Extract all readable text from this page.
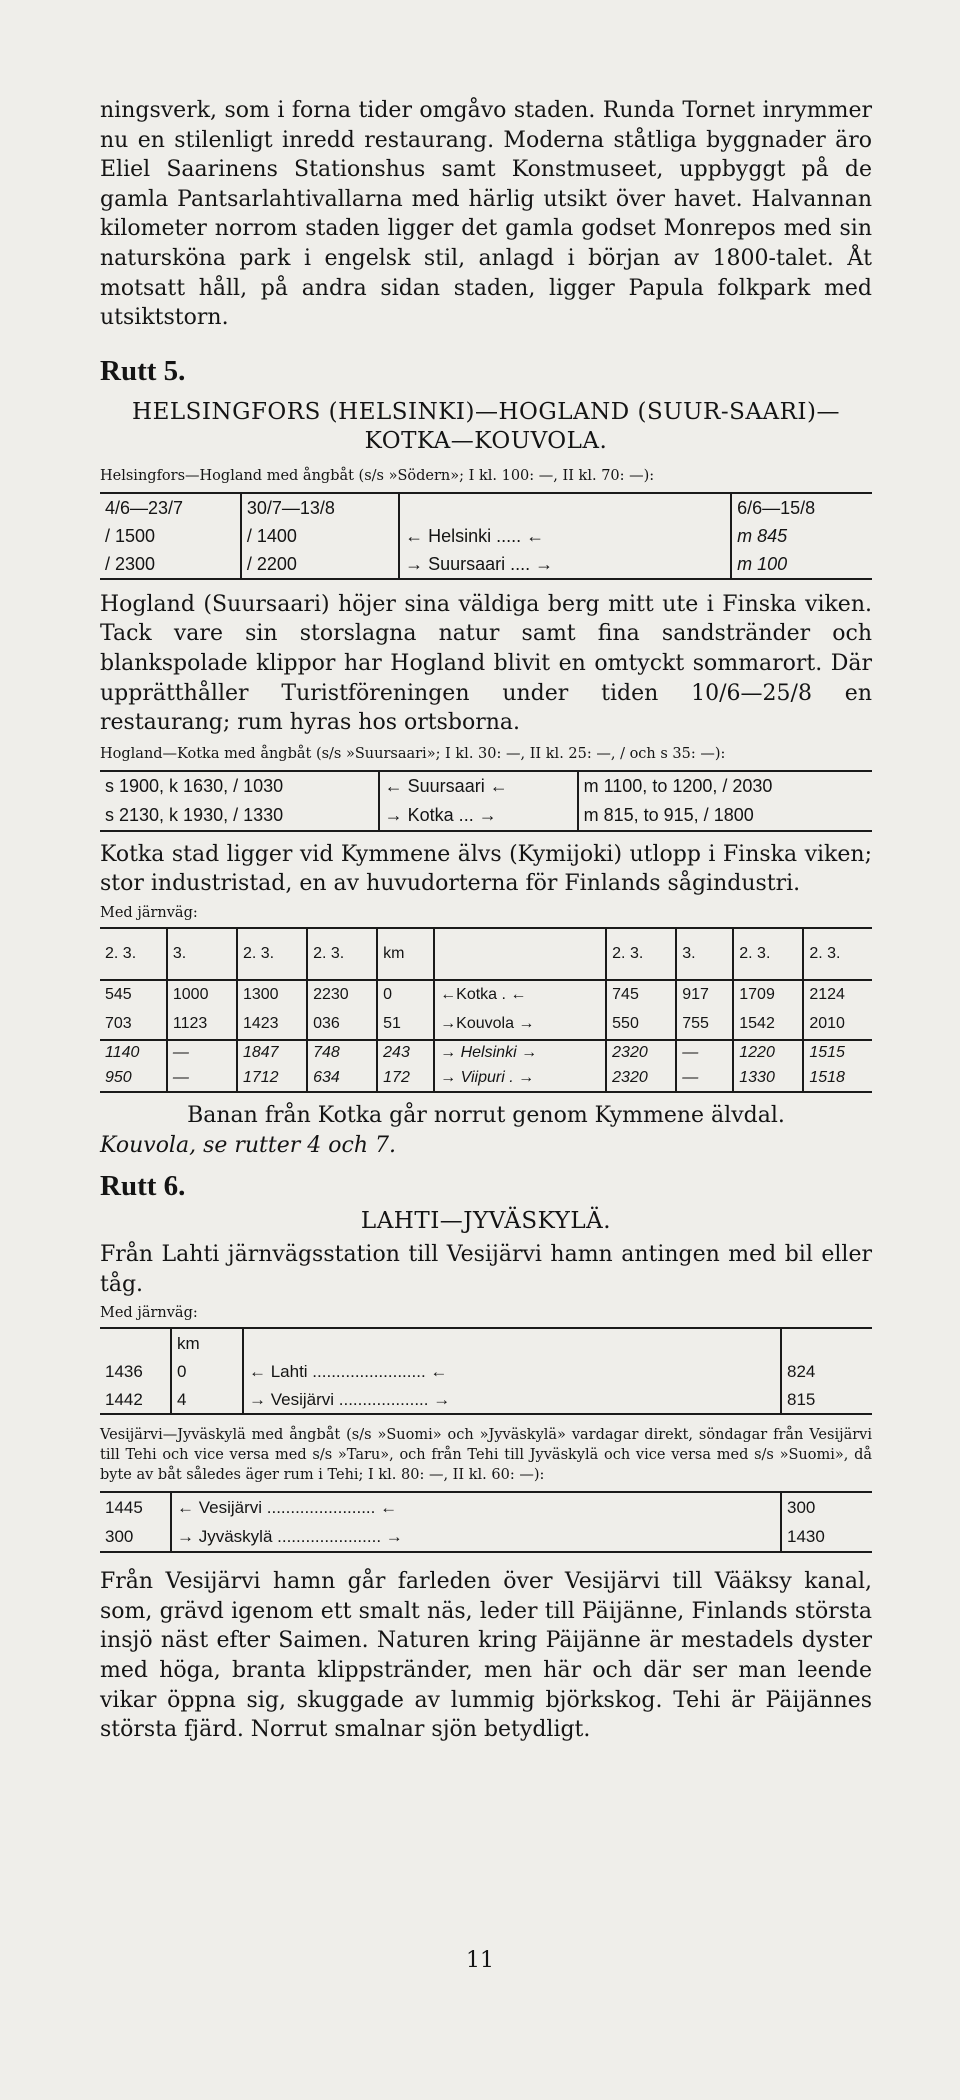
ningsverk, som i forna tider omgåvo staden. Runda Tornet inrymmer nu en stilenligt inredd restaurang. Moderna ståtliga byggnader äro Eliel Saarinens Stationshus samt Konstmuseet, uppbyggt på de gamla Pantsarlahtivallarna med härlig utsikt över havet. Halvannan kilometer norrom staden ligger det gamla godset Monrepos med sin natursköna park i engelsk stil, anlagd i början av 1800-talet. Åt motsatt håll, på andra sidan staden, ligger Papula folkpark med utsiktstorn.

Rutt 5.
HELSINGFORS (HELSINKI)—HOGLAND (SUUR-SAARI)—KOTKA—KOUVOLA.

Helsingfors—Hogland med ångbåt (s/s »Södern»; I kl. 100: —, II kl. 70: —):

4/6—23/7	30/7—13/8		6/6—15/8
/ 1500	/ 1400	← Helsinki ..... ←	m 845
/ 2300	/ 2200	→ Suursaari .... →	m 100

Hogland (Suursaari) höjer sina väldiga berg mitt ute i Finska viken. Tack vare sin storslagna natur samt fina sandstränder och blankspolade klippor har Hogland blivit en omtyckt sommarort. Där upprätthåller Turistföreningen under tiden 10/6—25/8 en restaurang; rum hyras hos ortsborna.

Hogland—Kotka med ångbåt (s/s »Suursaari»; I kl. 30: —, II kl. 25: —, / och s 35: —):

s 1900, k 1630, / 1030	← Suursaari ←	m 1100, to 1200, / 2030
s 2130, k 1930, / 1330	→ Kotka ... →	m 815, to 915, / 1800

Kotka stad ligger vid Kymmene älvs (Kymijoki) utlopp i Finska viken; stor industristad, en av huvudorterna för Finlands sågindustri.

Med järnväg:
2. 3.	3.	2. 3.	2. 3.	km		2. 3.	3.	2. 3.	2. 3.
545	1000	1300	2230	0	←Kotka . ←	745	917	1709	2124
703	1123	1423	036	51	→Kouvola →	550	755	1542	2010
1140	—	1847	748	243	→ Helsinki →	2320	—	1220	1515
950	—	1712	634	172	→ Viipuri . →	2320	—	1330	1518

Banan från Kotka går norrut genom Kymmene älvdal.

Kouvola, se rutter 4 och 7.

Rutt 6.
LAHTI—JYVÄSKYLÄ.

Från Lahti järnvägsstation till Vesijärvi hamn antingen med bil eller tåg.

Med järnväg:
	km		
1436	0	← Lahti ........................ ←	824
1442	4	→ Vesijärvi ................... →	815

Vesijärvi—Jyväskylä med ångbåt (s/s »Suomi» och »Jyväskylä» vardagar direkt, söndagar från Vesijärvi till Tehi och vice versa med s/s »Taru», och från Tehi till Jyväskylä och vice versa med s/s »Suomi», då byte av båt således äger rum i Tehi; I kl. 80: —, II kl. 60: —):

1445	← Vesijärvi ....................... ←	300
300	→ Jyväskylä ...................... →	1430

Från Vesijärvi hamn går farleden över Vesijärvi till Vääksy kanal, som, grävd igenom ett smalt näs, leder till Päijänne, Finlands största insjö näst efter Saimen. Naturen kring Päijänne är mestadels dyster med höga, branta klippstränder, men här och där ser man leende vikar öppna sig, skuggade av lummig björkskog. Tehi är Päijännes största fjärd. Norrut smalnar sjön betydligt.

11
